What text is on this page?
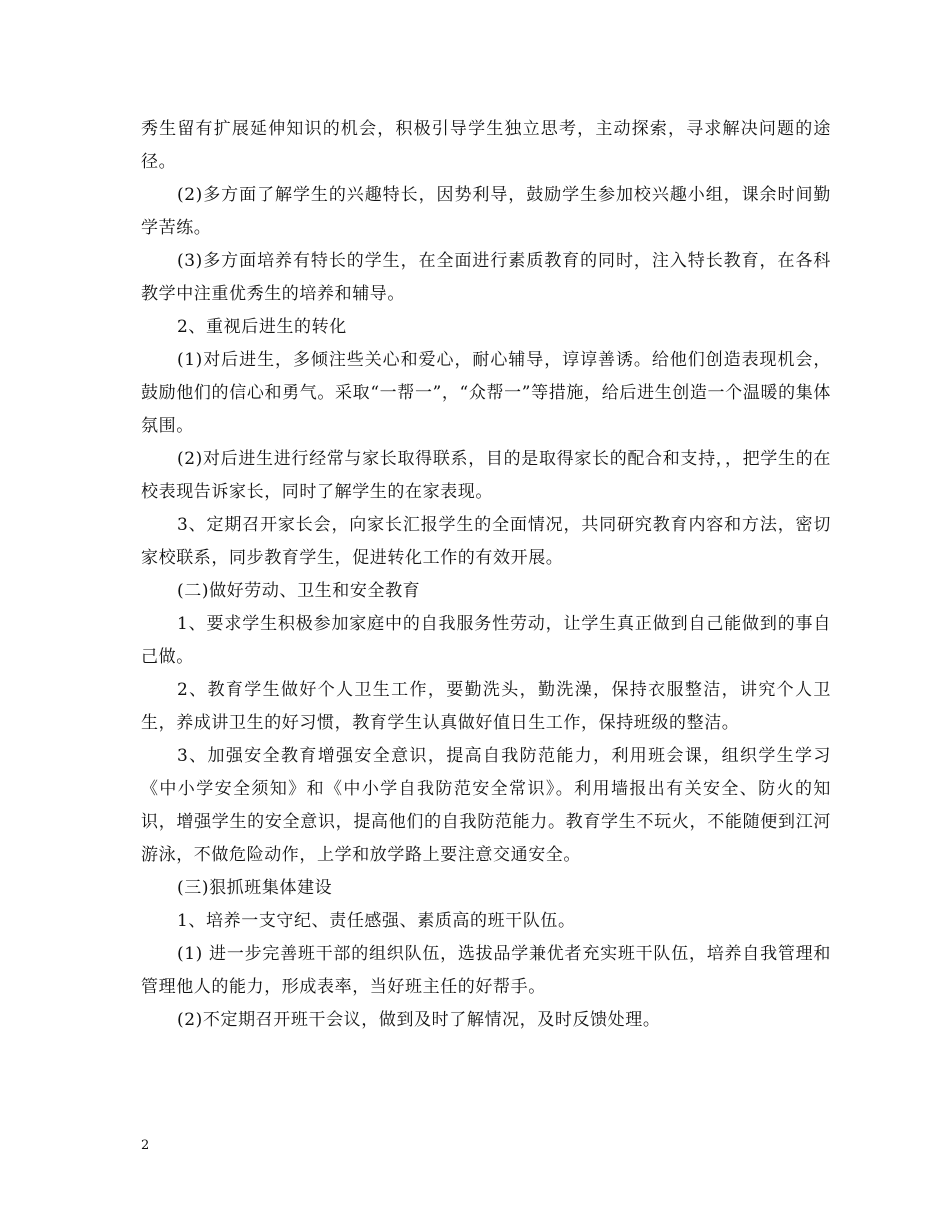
秀生留有扩展延伸知识的机会，积极引导学生独立思考，主动探索，寻求解决问题的途径。

(2)多方面了解学生的兴趣特长，因势利导，鼓励学生参加校兴趣小组，课余时间勤学苦练。

(3)多方面培养有特长的学生，在全面进行素质教育的同时，注入特长教育，在各科教学中注重优秀生的培养和辅导。

2、重视后进生的转化

(1)对后进生，多倾注些关心和爱心，耐心辅导，谆谆善诱。给他们创造表现机会，鼓励他们的信心和勇气。采取“一帮一”，“众帮一”等措施，给后进生创造一个温暖的集体氛围。

(2)对后进生进行经常与家长取得联系，目的是取得家长的配合和支持，，把学生的在校表现告诉家长，同时了解学生的在家表现。

3、定期召开家长会，向家长汇报学生的全面情况，共同研究教育内容和方法，密切家校联系，同步教育学生，促进转化工作的有效开展。

(二)做好劳动、卫生和安全教育

1、要求学生积极参加家庭中的自我服务性劳动，让学生真正做到自己能做到的事自己做。

2、教育学生做好个人卫生工作，要勤洗头，勤洗澡，保持衣服整洁，讲究个人卫生，养成讲卫生的好习惯，教育学生认真做好值日生工作，保持班级的整洁。

3、加强安全教育增强安全意识，提高自我防范能力，利用班会课，组织学生学习《中小学安全须知》和《中小学自我防范安全常识》。利用墙报出有关安全、防火的知识，增强学生的安全意识，提高他们的自我防范能力。教育学生不玩火，不能随便到江河游泳，不做危险动作，上学和放学路上要注意交通安全。

(三)狠抓班集体建设

1、培养一支守纪、责任感强、素质高的班干队伍。

(1) 进一步完善班干部的组织队伍，选拔品学兼优者充实班干队伍，培养自我管理和管理他人的能力，形成表率，当好班主任的好帮手。

(2)不定期召开班干会议，做到及时了解情况，及时反馈处理。

2
